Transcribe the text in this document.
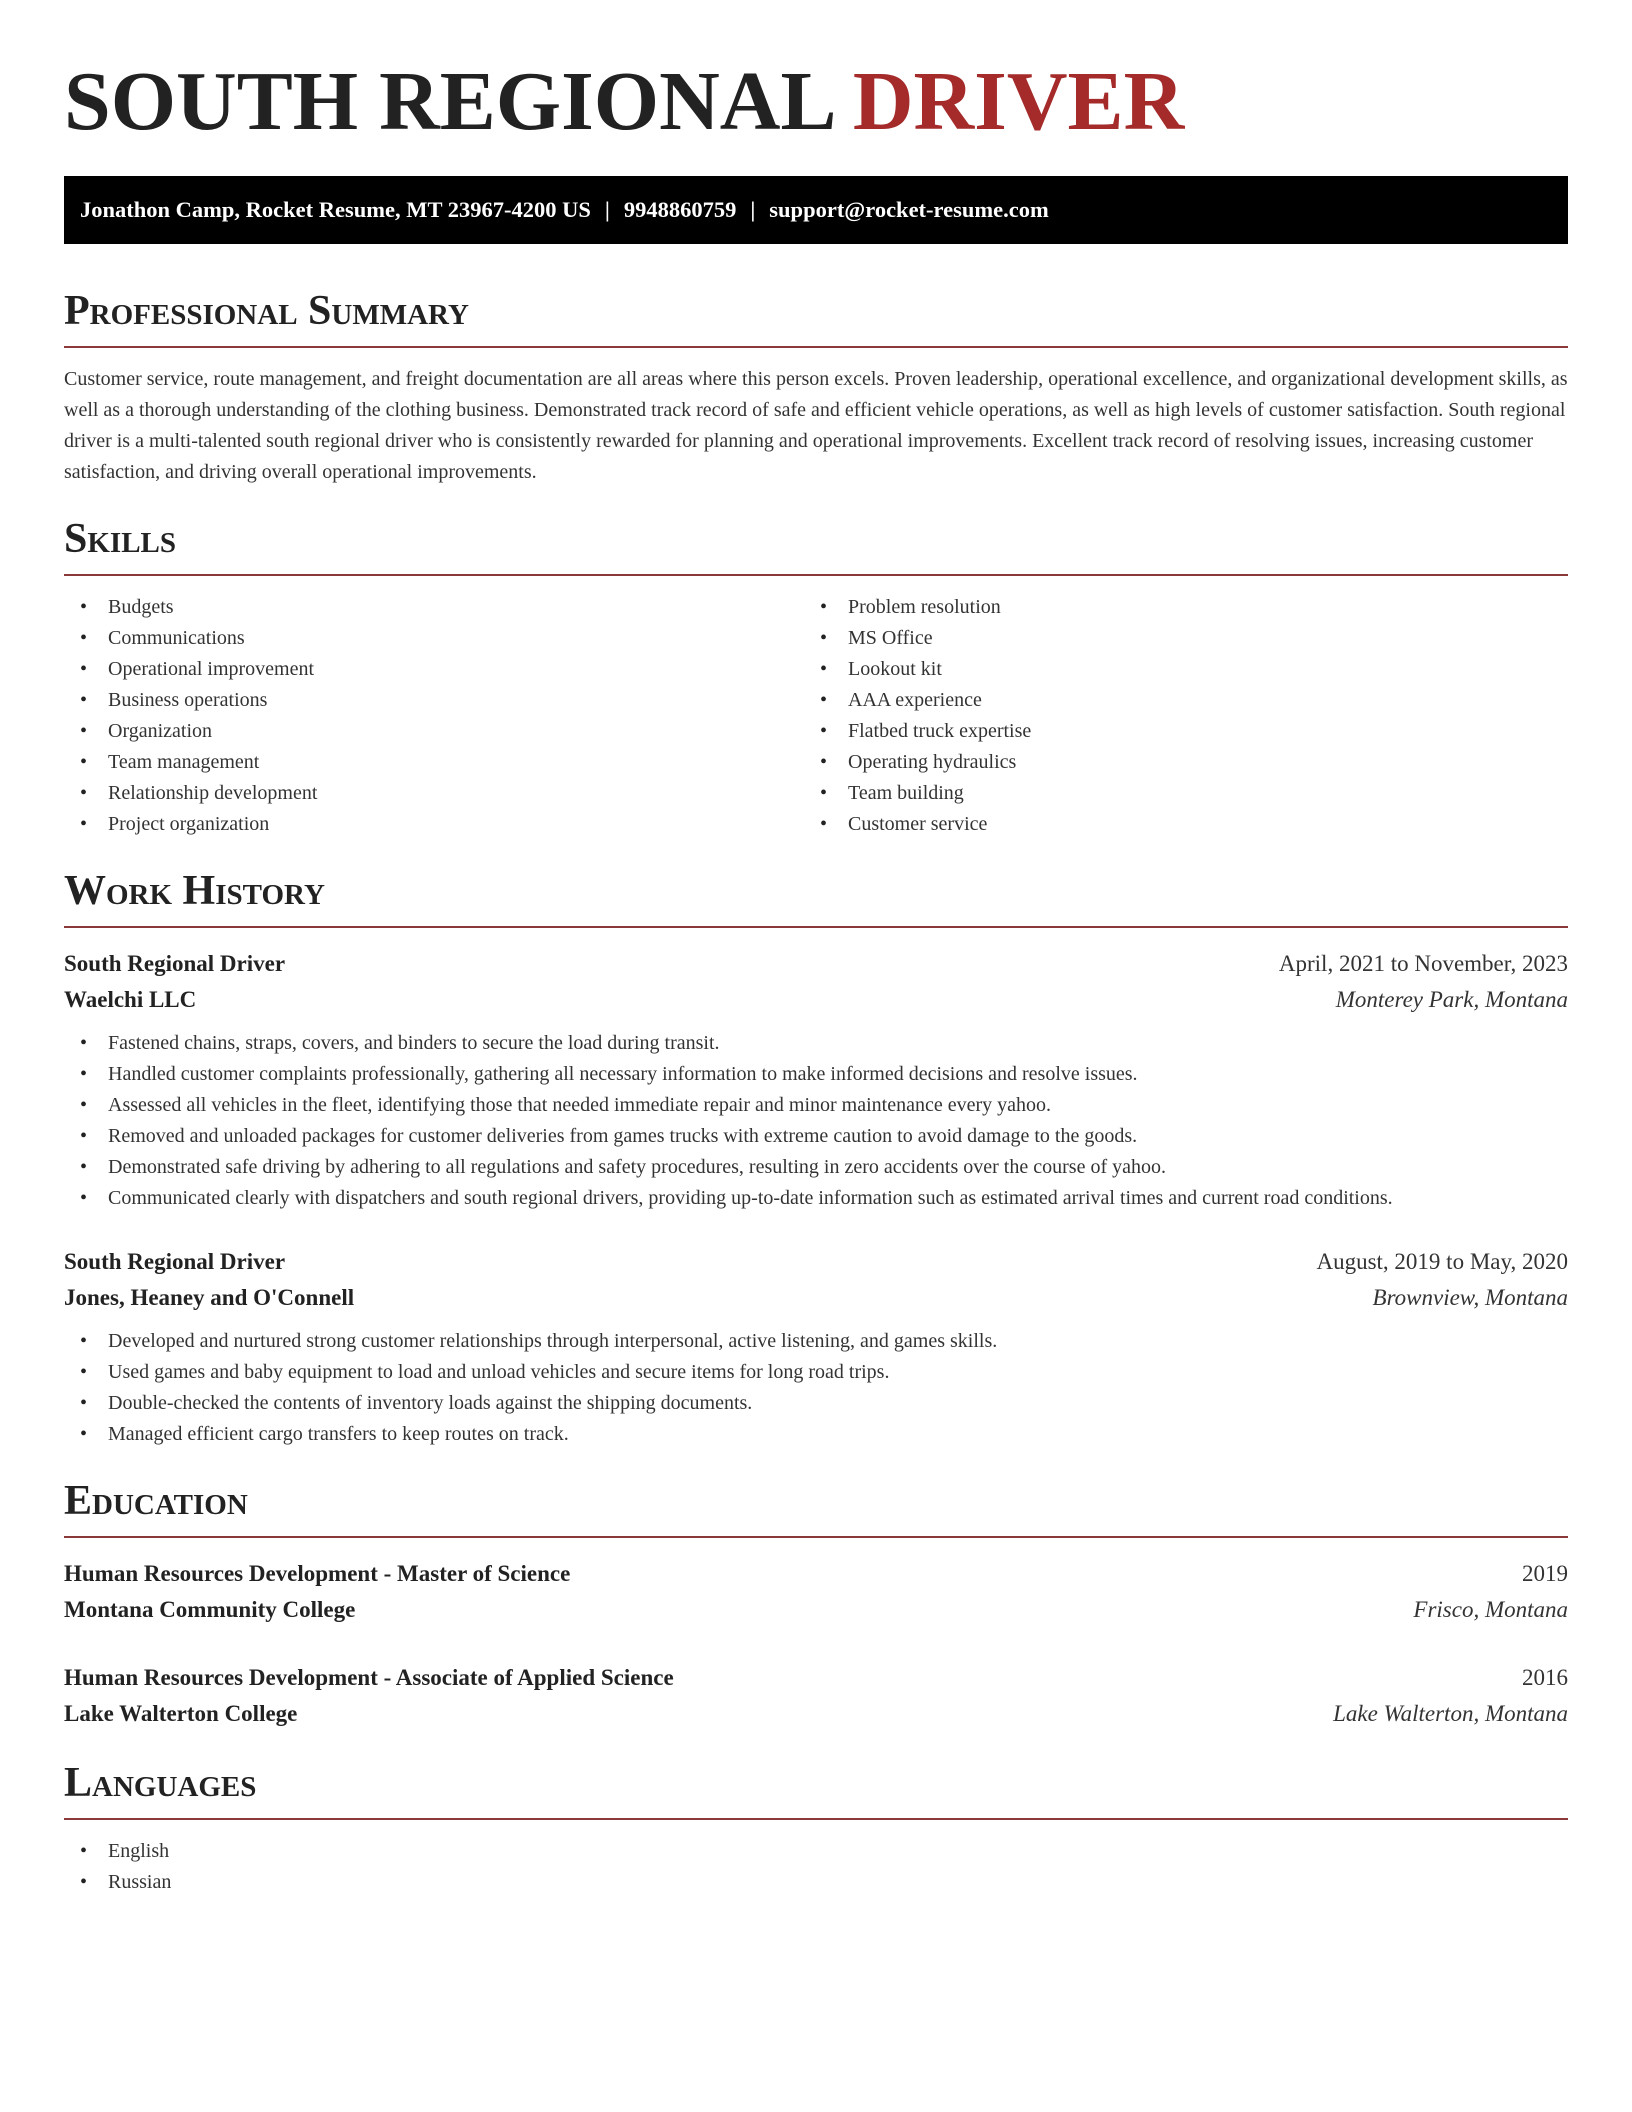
SOUTH REGIONAL DRIVER
Jonathon Camp, Rocket Resume, MT 23967-4200 US | 9948860759 | support@rocket-resume.com
Professional Summary

Customer service, route management, and freight documentation are all areas where this person excels. Proven leadership, operational excellence, and organizational development skills, as well as a thorough understanding of the clothing business. Demonstrated track record of safe and efficient vehicle operations, as well as high levels of customer satisfaction. South regional driver is a multi-talented south regional driver who is consistently rewarded for planning and operational improvements. Excellent track record of resolving issues, increasing customer satisfaction, and driving overall operational improvements.

Skills
• Budgets
• Communications
• Operational improvement
• Business operations
• Organization
• Team management
• Relationship development
• Project organization
• Problem resolution
• MS Office
• Lookout kit
• AAA experience
• Flatbed truck expertise
• Operating hydraulics
• Team building
• Customer service
Work History
South Regional Driver	April, 2021 to November, 2023
Waelchi LLC	Monterey Park, Montana
• Fastened chains, straps, covers, and binders to secure the load during transit.
• Handled customer complaints professionally, gathering all necessary information to make informed decisions and resolve issues.
• Assessed all vehicles in the fleet, identifying those that needed immediate repair and minor maintenance every yahoo.
• Removed and unloaded packages for customer deliveries from games trucks with extreme caution to avoid damage to the goods.
• Demonstrated safe driving by adhering to all regulations and safety procedures, resulting in zero accidents over the course of yahoo.
• Communicated clearly with dispatchers and south regional drivers, providing up-to-date information such as estimated arrival times and current road conditions.
South Regional Driver	August, 2019 to May, 2020
Jones, Heaney and O'Connell	Brownview, Montana
• Developed and nurtured strong customer relationships through interpersonal, active listening, and games skills.
• Used games and baby equipment to load and unload vehicles and secure items for long road trips.
• Double-checked the contents of inventory loads against the shipping documents.
• Managed efficient cargo transfers to keep routes on track.
Education
Human Resources Development - Master of Science	2019
Montana Community College	Frisco, Montana
Human Resources Development - Associate of Applied Science	2016
Lake Walterton College	Lake Walterton, Montana
Languages
• English
• Russian
